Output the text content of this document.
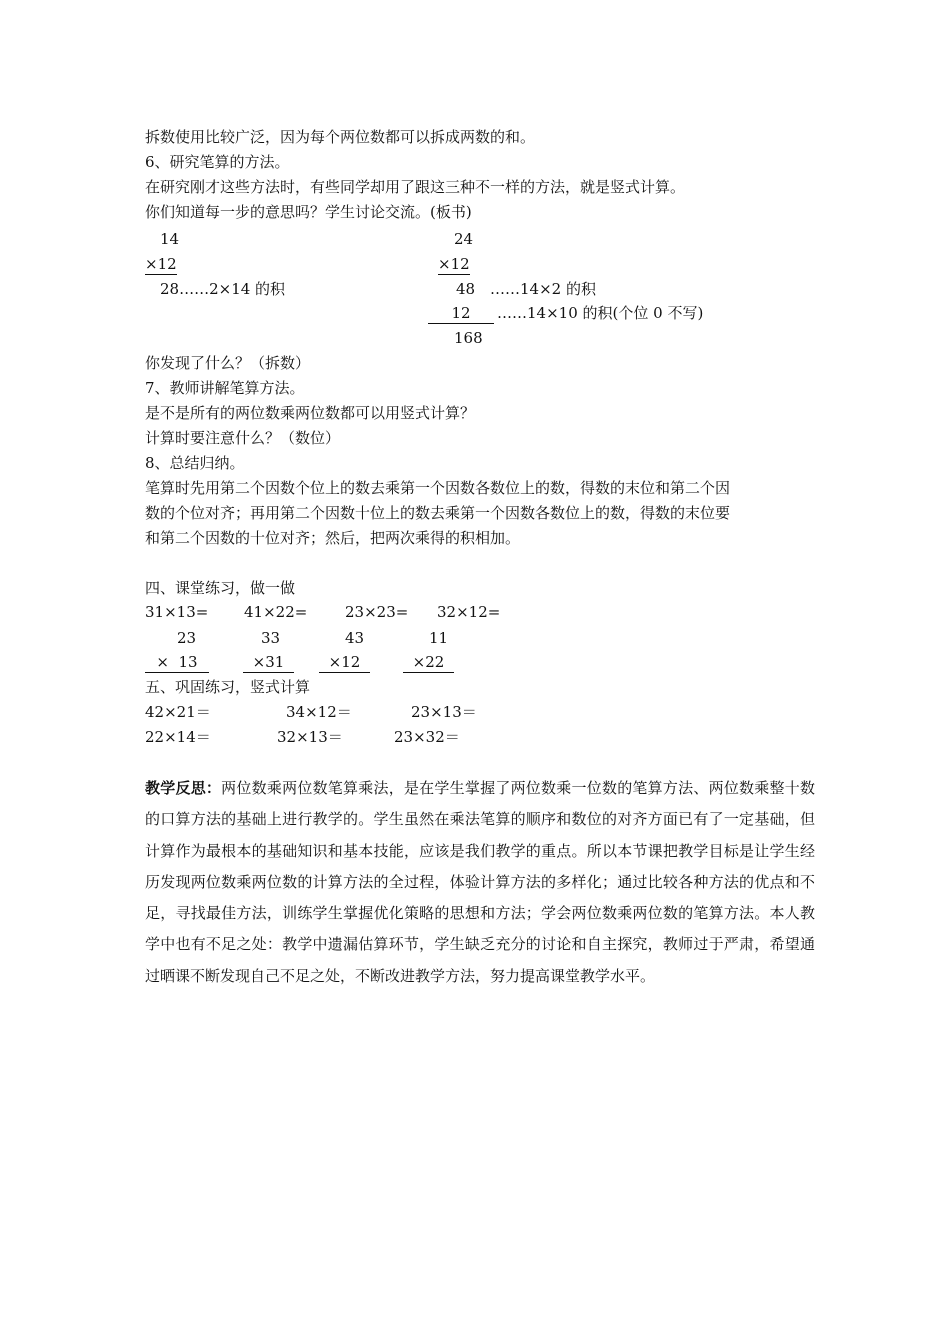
拆数使用比较广泛，因为每个两位数都可以拆成两数的和。
6、研究笔算的方法。
在研究刚才这些方法时，有些同学却用了跟这三种不一样的方法，就是竖式计算。
你们知道每一步的意思吗？学生讨论交流。(板书)
14
×12
28……2×14 的积
24
×12
48 ……14×2 的积
12	……14×10 的积(个位 0 不写)
168
你发现了什么？（拆数）
7、教师讲解笔算方法。
是不是所有的两位数乘两位数都可以用竖式计算？
计算时要注意什么？（数位）
8、总结归纳。
笔算时先用第二个因数个位上的数去乘第一个因数各数位上的数，得数的末位和第二个因
数的个位对齐；再用第二个因数十位上的数去乘第一个因数各数位上的数，得数的末位要
和第二个因数的十位对齐；然后，把两次乘得的积相加。
四、课堂练习，做一做
31×13= 41×22=	23×23= 32×12=
23	33	43	11
×  13	×31	×12	×22
五、巩固练习，竖式计算
42×21＝	34×12＝	23×13＝
22×14＝	32×13＝	23×32＝
教学反思：两位数乘两位数笔算乘法，是在学生掌握了两位数乘一位数的笔算方法、两位数乘整十数的口算方法的基础上进行教学的。学生虽然在乘法笔算的顺序和数位的对齐方面已有了一定基础，但计算作为最根本的基础知识和基本技能，应该是我们教学的重点。所以本节课把教学目标是让学生经历发现两位数乘两位数的计算方法的全过程，体验计算方法的多样化；通过比较各种方法的优点和不足，寻找最佳方法，训练学生掌握优化策略的思想和方法；学会两位数乘两位数的笔算方法。本人教学中也有不足之处：教学中遗漏估算环节，学生缺乏充分的讨论和自主探究，教师过于严肃，希望通过晒课不断发现自己不足之处，不断改进教学方法，努力提高课堂教学水平。
